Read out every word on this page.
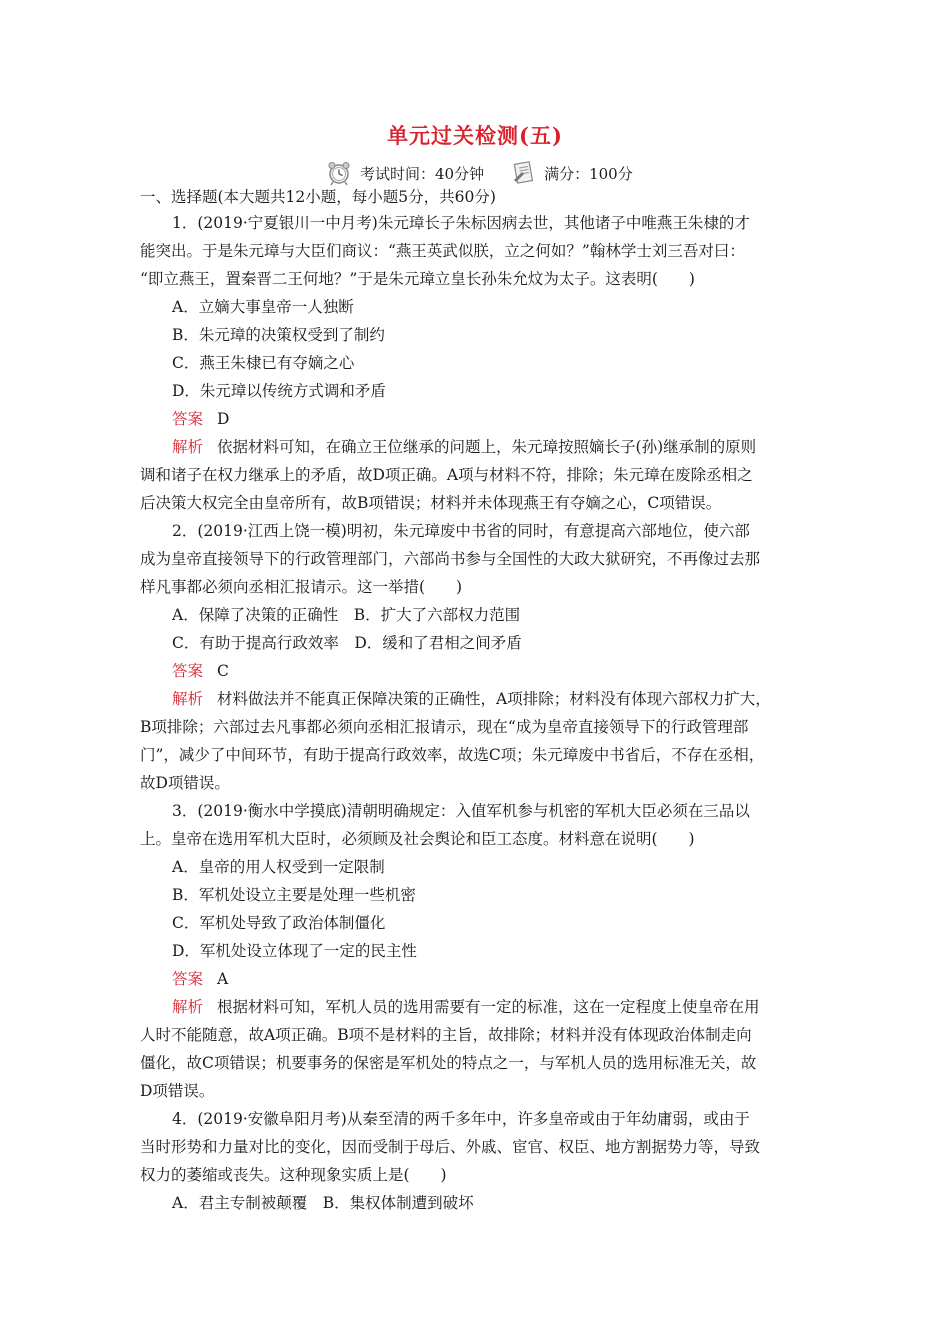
单元过关检测(五)
考试时间：40分钟	满分：100分
一、选择题(本大题共12小题，每小题5分，共60分)
1．(2019·宁夏银川一中月考)朱元璋长子朱标因病去世，其他诸子中唯燕王朱棣的才
能突出。于是朱元璋与大臣们商议：“燕王英武似朕，立之何如？”翰林学士刘三吾对曰：
“即立燕王，置秦晋二王何地？”于是朱元璋立皇长孙朱允炆为太子。这表明(　　)
A．立嫡大事皇帝一人独断
B．朱元璋的决策权受到了制约
C．燕王朱棣已有夺嫡之心
D．朱元璋以传统方式调和矛盾
答案 D
解析 依据材料可知，在确立王位继承的问题上，朱元璋按照嫡长子(孙)继承制的原则
调和诸子在权力继承上的矛盾，故D项正确。A项与材料不符，排除；朱元璋在废除丞相之
后决策大权完全由皇帝所有，故B项错误；材料并未体现燕王有夺嫡之心，C项错误。
2．(2019·江西上饶一模)明初，朱元璋废中书省的同时，有意提高六部地位，使六部
成为皇帝直接领导下的行政管理部门，六部尚书参与全国性的大政大狱研究，不再像过去那
样凡事都必须向丞相汇报请示。这一举措(　　)
A．保障了决策的正确性　B．扩大了六部权力范围
C．有助于提高行政效率　D．缓和了君相之间矛盾
答案 C
解析 材料做法并不能真正保障决策的正确性，A项排除；材料没有体现六部权力扩大，
B项排除；六部过去凡事都必须向丞相汇报请示，现在“成为皇帝直接领导下的行政管理部
门”，减少了中间环节，有助于提高行政效率，故选C项；朱元璋废中书省后，不存在丞相，
故D项错误。
3．(2019·衡水中学摸底)清朝明确规定：入值军机参与机密的军机大臣必须在三品以
上。皇帝在选用军机大臣时，必须顾及社会舆论和臣工态度。材料意在说明(　　)
A．皇帝的用人权受到一定限制
B．军机处设立主要是处理一些机密
C．军机处导致了政治体制僵化
D．军机处设立体现了一定的民主性
答案 A
解析 根据材料可知，军机人员的选用需要有一定的标准，这在一定程度上使皇帝在用
人时不能随意，故A项正确。B项不是材料的主旨，故排除；材料并没有体现政治体制走向
僵化，故C项错误；机要事务的保密是军机处的特点之一，与军机人员的选用标准无关，故
D项错误。
4．(2019·安徽阜阳月考)从秦至清的两千多年中，许多皇帝或由于年幼庸弱，或由于
当时形势和力量对比的变化，因而受制于母后、外戚、宦官、权臣、地方割据势力等，导致
权力的萎缩或丧失。这种现象实质上是(　　)
A．君主专制被颠覆　B．集权体制遭到破坏
